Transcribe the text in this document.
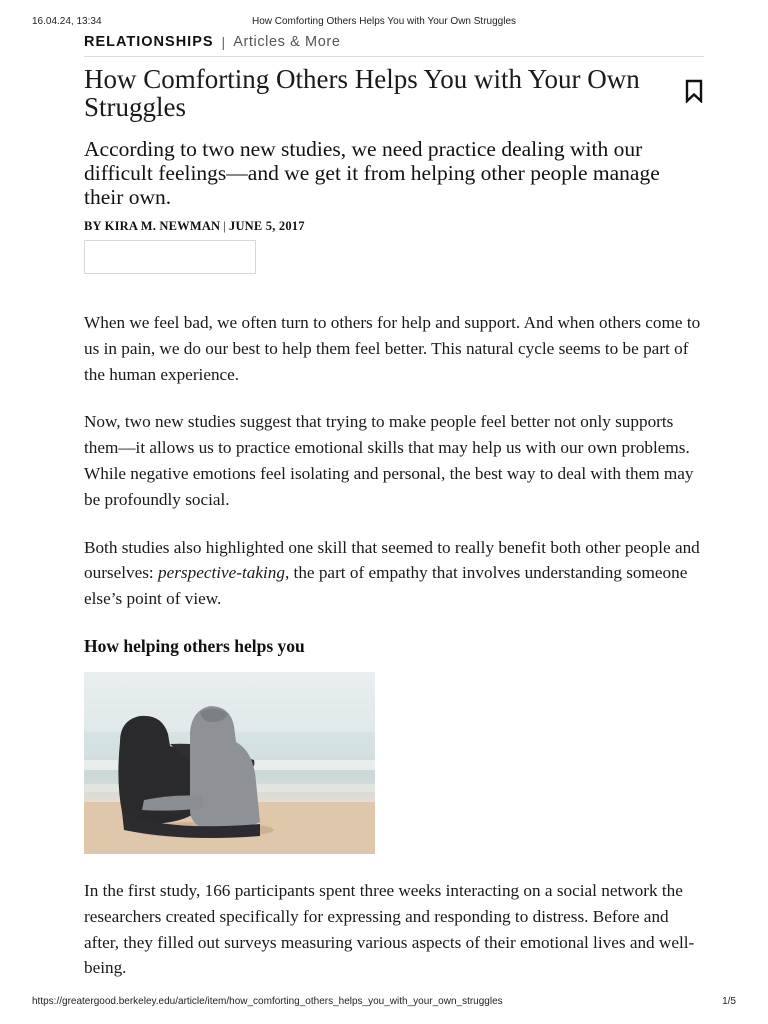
16.04.24, 13:34	How Comforting Others Helps You with Your Own Struggles
RELATIONSHIPS | Articles & More
How Comforting Others Helps You with Your Own Struggles
According to two new studies, we need practice dealing with our difficult feelings—and we get it from helping other people manage their own.
BY KIRA M. NEWMAN | JUNE 5, 2017

When we feel bad, we often turn to others for help and support. And when others come to us in pain, we do our best to help them feel better. This natural cycle seems to be part of the human experience.

Now, two new studies suggest that trying to make people feel better not only supports them—it allows us to practice emotional skills that may help us with our own problems. While negative emotions feel isolating and personal, the best way to deal with them may be profoundly social.

Both studies also highlighted one skill that seemed to really benefit both other people and ourselves: perspective-taking, the part of empathy that involves understanding someone else’s point of view.

How helping others helps you

In the first study, 166 participants spent three weeks interacting on a social network the researchers created specifically for expressing and responding to distress. Before and after, they filled out surveys measuring various aspects of their emotional lives and well-being.

https://greatergood.berkeley.edu/article/item/how_comforting_others_helps_you_with_your_own_struggles	1/5
